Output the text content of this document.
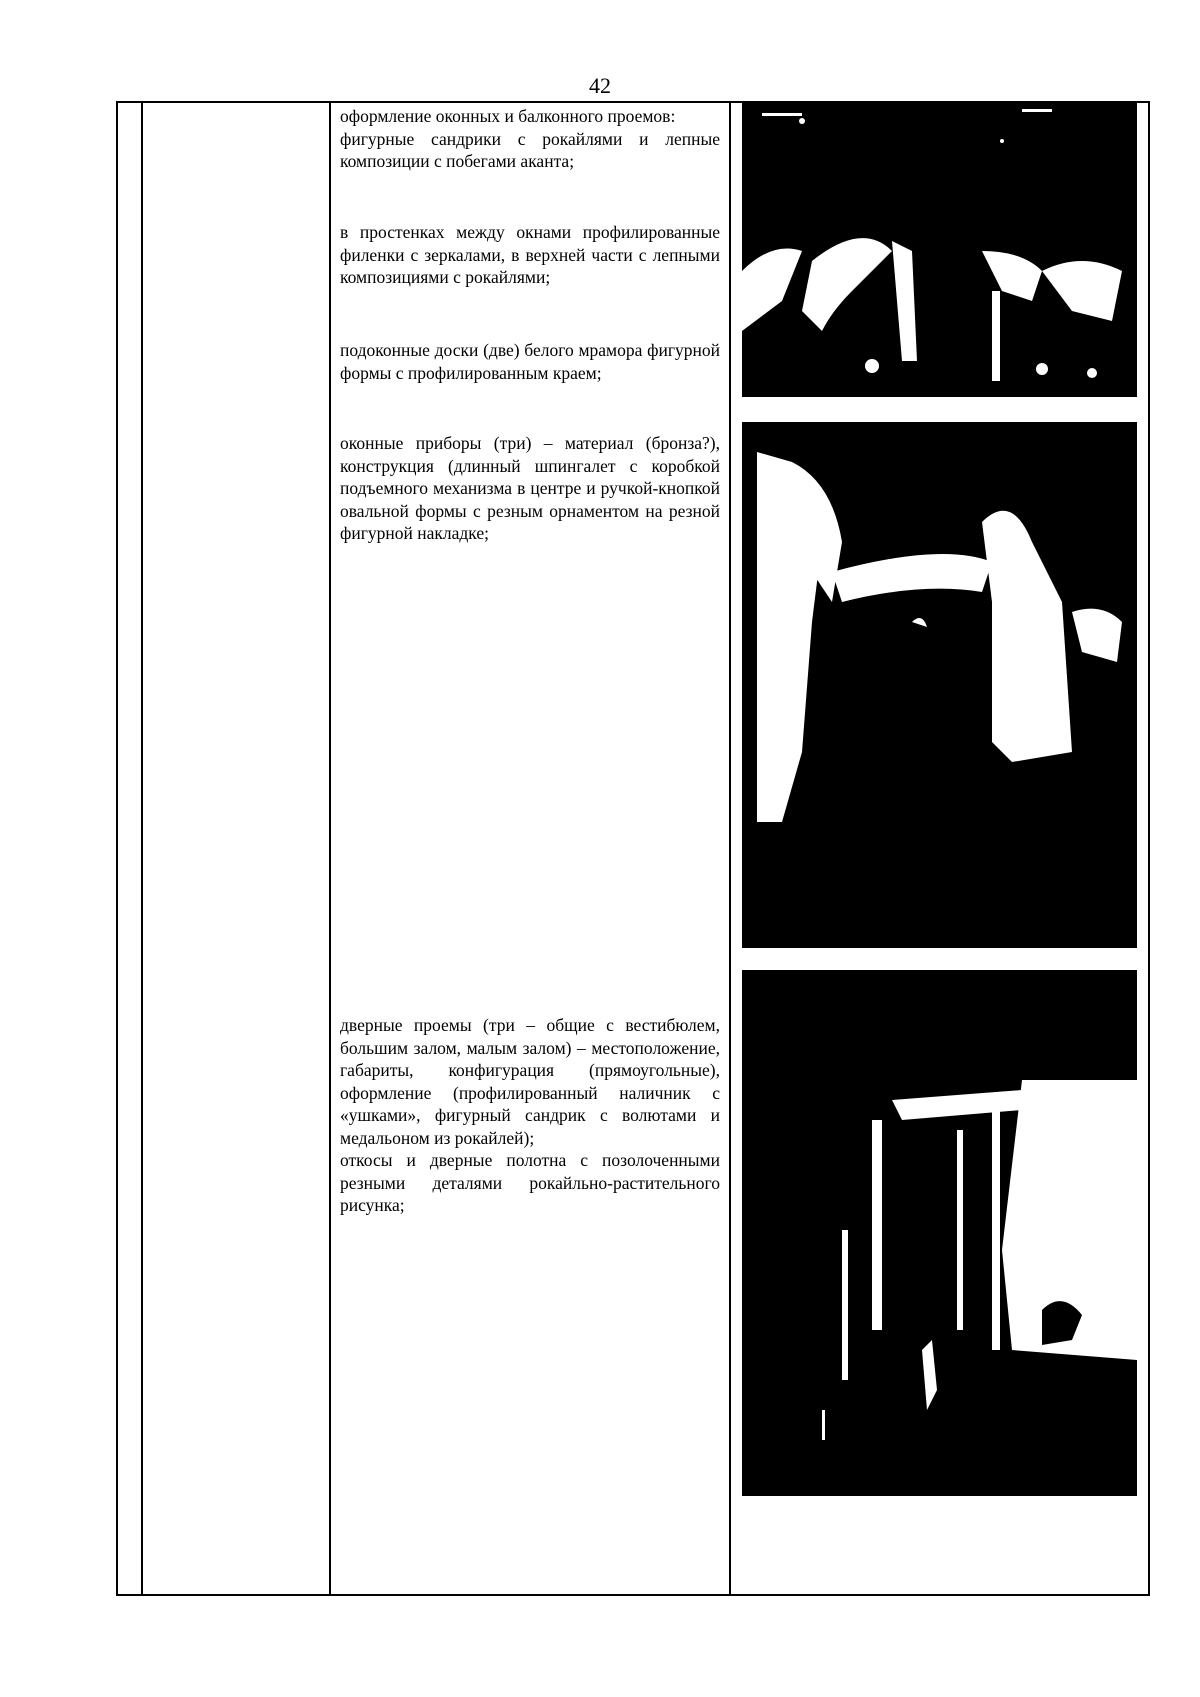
42

оформление оконных и балконного проемов:

фигурные сандрики с рокайлями и лепные композиции с побегами аканта;

в простенках между окнами профилированные филенки с зеркалами, в верхней части с лепными композициями с рокайлями;

подоконные доски (две) белого мрамора фигурной формы с профилированным краем;

оконные приборы (три) – материал (бронза?), конструкция (длинный шпингалет с коробкой подъемного механизма в центре и ручкой-кнопкой овальной формы с резным орнаментом на резной фигурной накладке;

дверные проемы (три – общие с вестибюлем, большим залом, малым залом) – местоположение, габариты, конфигурация (прямоугольные), оформление (профилированный наличник с «ушками», фигурный сандрик с волютами и медальоном из рокайлей);

откосы и дверные полотна с позолоченными резными деталями рокайльно-растительного рисунка;
